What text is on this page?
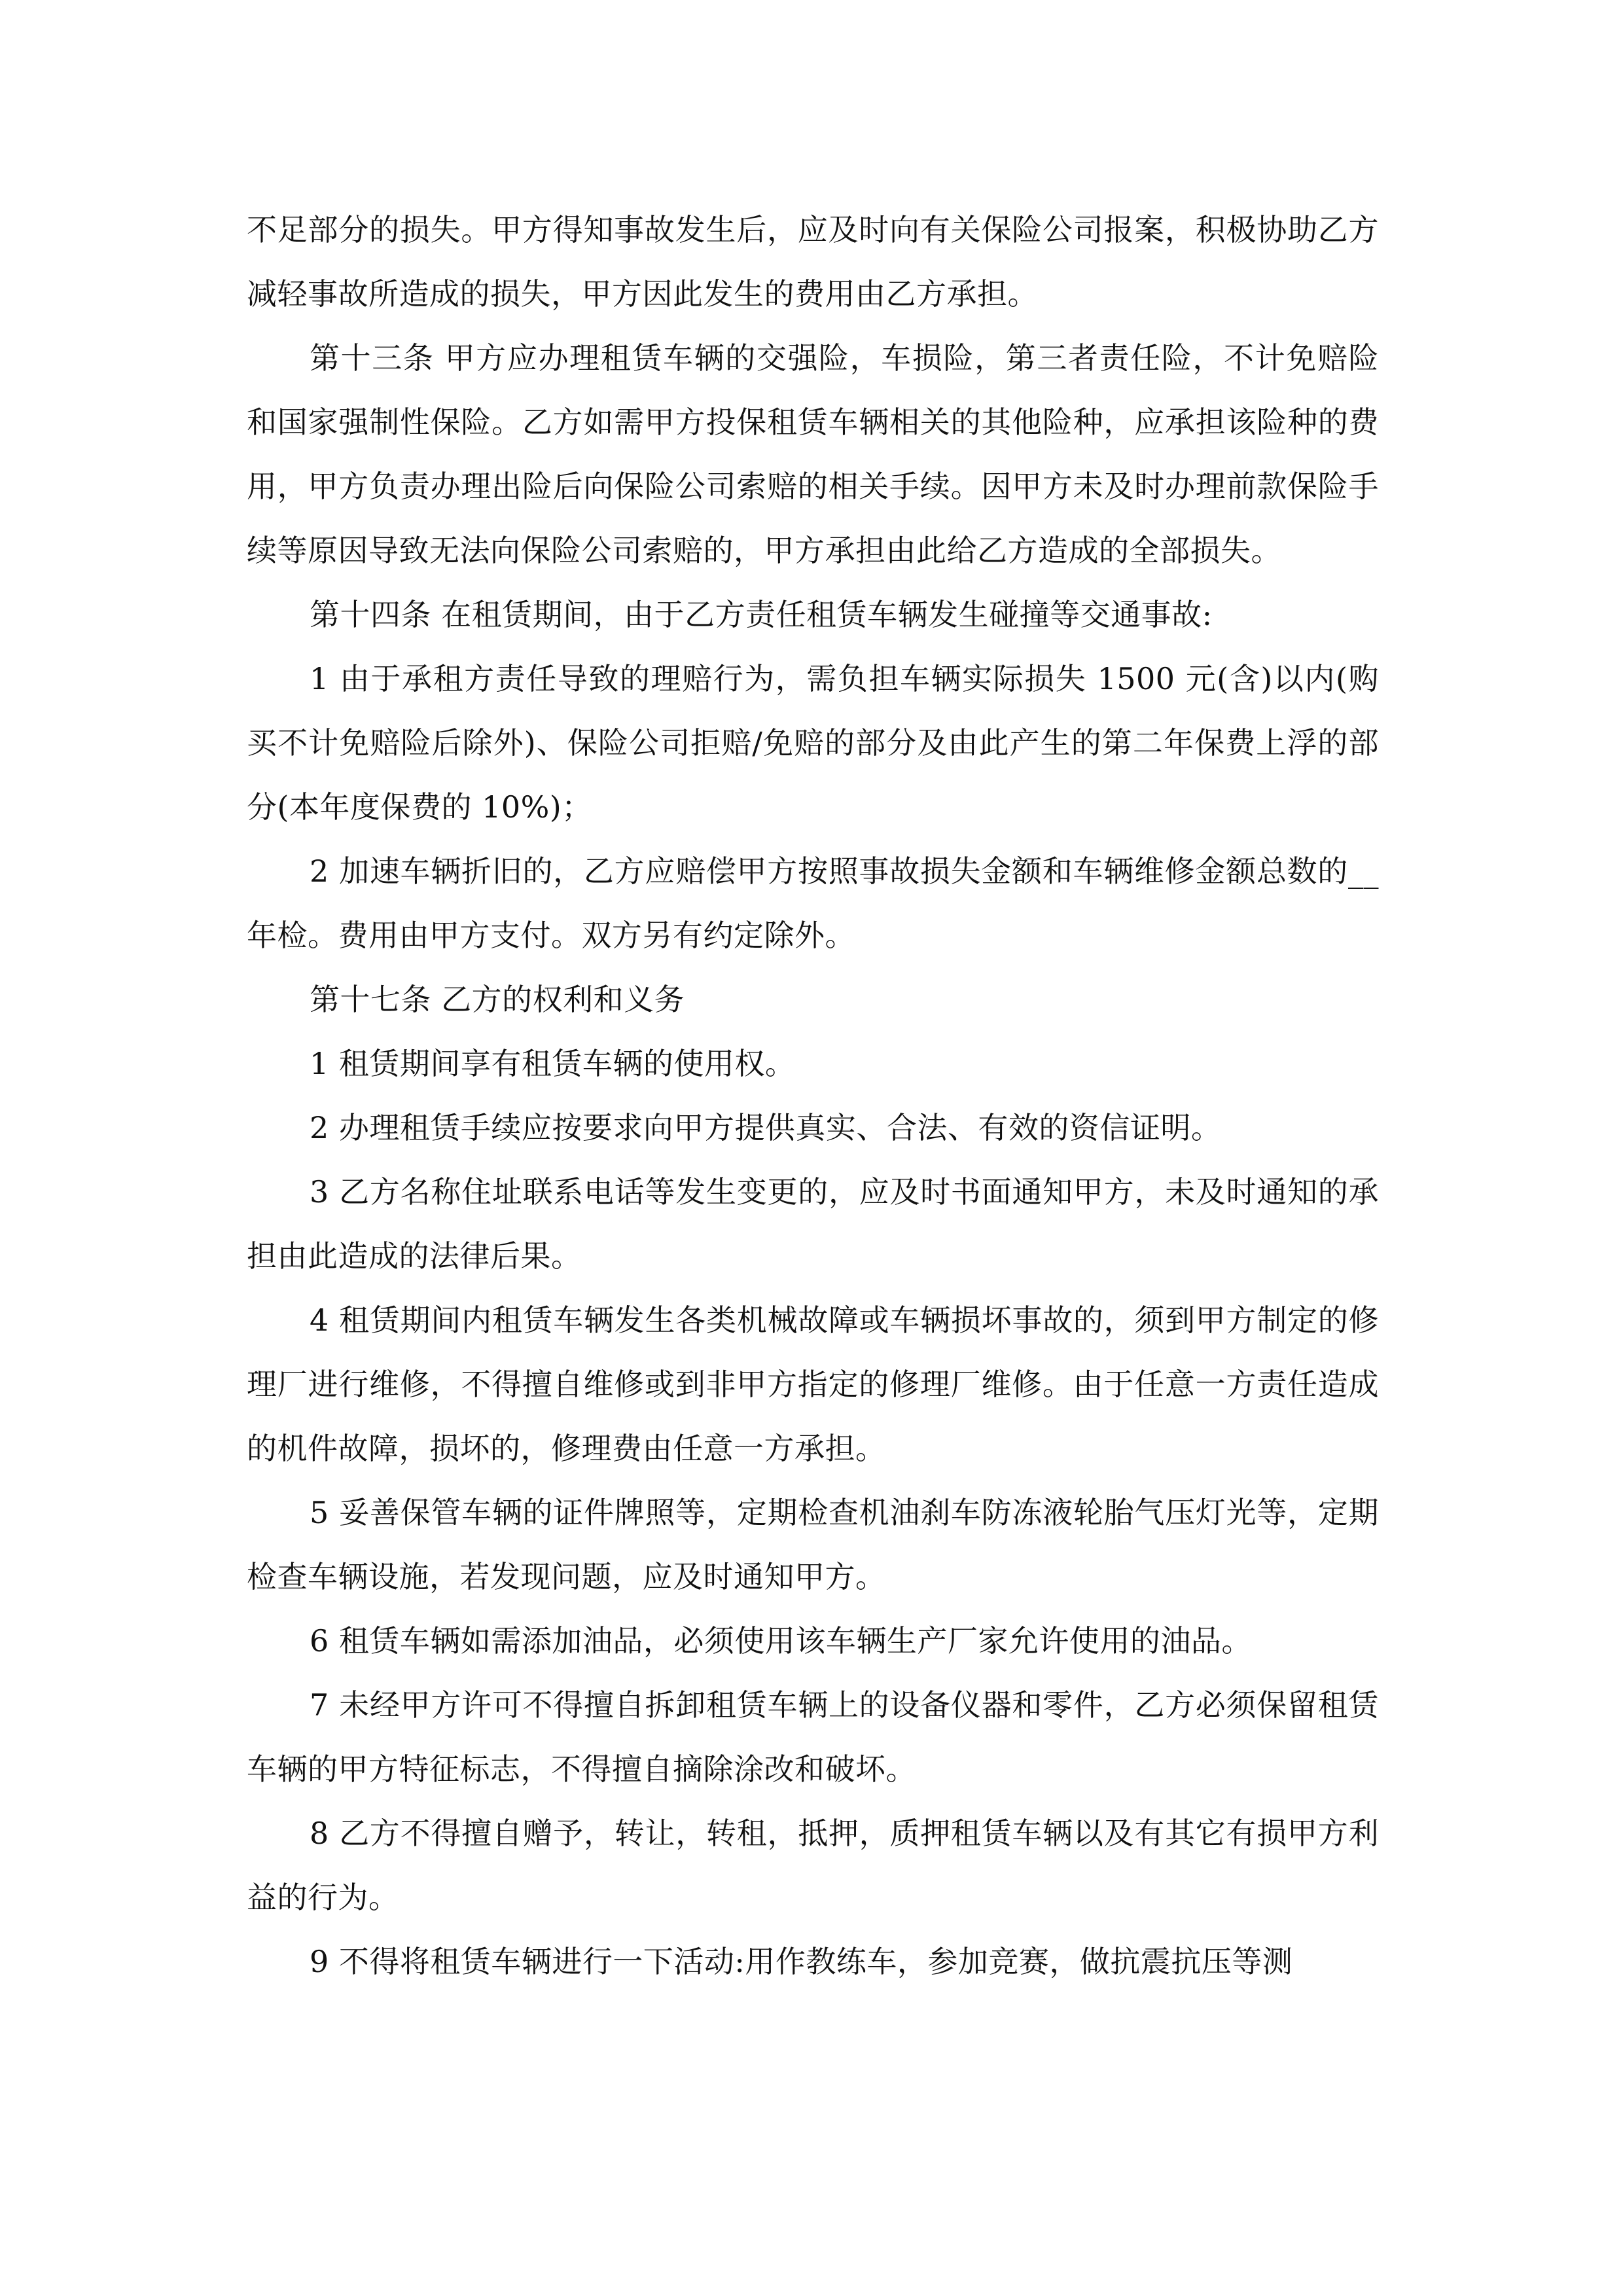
不足部分的损失。甲方得知事故发生后，应及时向有关保险公司报案，积极协助乙方减轻事故所造成的损失，甲方因此发生的费用由乙方承担。

第十三条 甲方应办理租赁车辆的交强险，车损险，第三者责任险，不计免赔险和国家强制性保险。乙方如需甲方投保租赁车辆相关的其他险种，应承担该险种的费用，甲方负责办理出险后向保险公司索赔的相关手续。因甲方未及时办理前款保险手续等原因导致无法向保险公司索赔的，甲方承担由此给乙方造成的全部损失。

第十四条 在租赁期间，由于乙方责任租赁车辆发生碰撞等交通事故:

1 由于承租方责任导致的理赔行为，需负担车辆实际损失 1500 元(含)以内(购买不计免赔险后除外)、保险公司拒赔/免赔的部分及由此产生的第二年保费上浮的部分(本年度保费的 10%)；

2 加速车辆折旧的，乙方应赔偿甲方按照事故损失金额和车辆维修金额总数的__年检。费用由甲方支付。双方另有约定除外。

第十七条 乙方的权利和义务

1 租赁期间享有租赁车辆的使用权。

2 办理租赁手续应按要求向甲方提供真实、合法、有效的资信证明。

3 乙方名称住址联系电话等发生变更的，应及时书面通知甲方，未及时通知的承担由此造成的法律后果。

4 租赁期间内租赁车辆发生各类机械故障或车辆损坏事故的，须到甲方制定的修理厂进行维修，不得擅自维修或到非甲方指定的修理厂维修。由于任意一方责任造成的机件故障，损坏的，修理费由任意一方承担。

5 妥善保管车辆的证件牌照等，定期检查机油刹车防冻液轮胎气压灯光等，定期检查车辆设施，若发现问题，应及时通知甲方。

6 租赁车辆如需添加油品，必须使用该车辆生产厂家允许使用的油品。

7 未经甲方许可不得擅自拆卸租赁车辆上的设备仪器和零件，乙方必须保留租赁车辆的甲方特征标志，不得擅自摘除涂改和破坏。

8 乙方不得擅自赠予，转让，转租，抵押，质押租赁车辆以及有其它有损甲方利益的行为。

9 不得将租赁车辆进行一下活动:用作教练车，参加竞赛，做抗震抗压等测
